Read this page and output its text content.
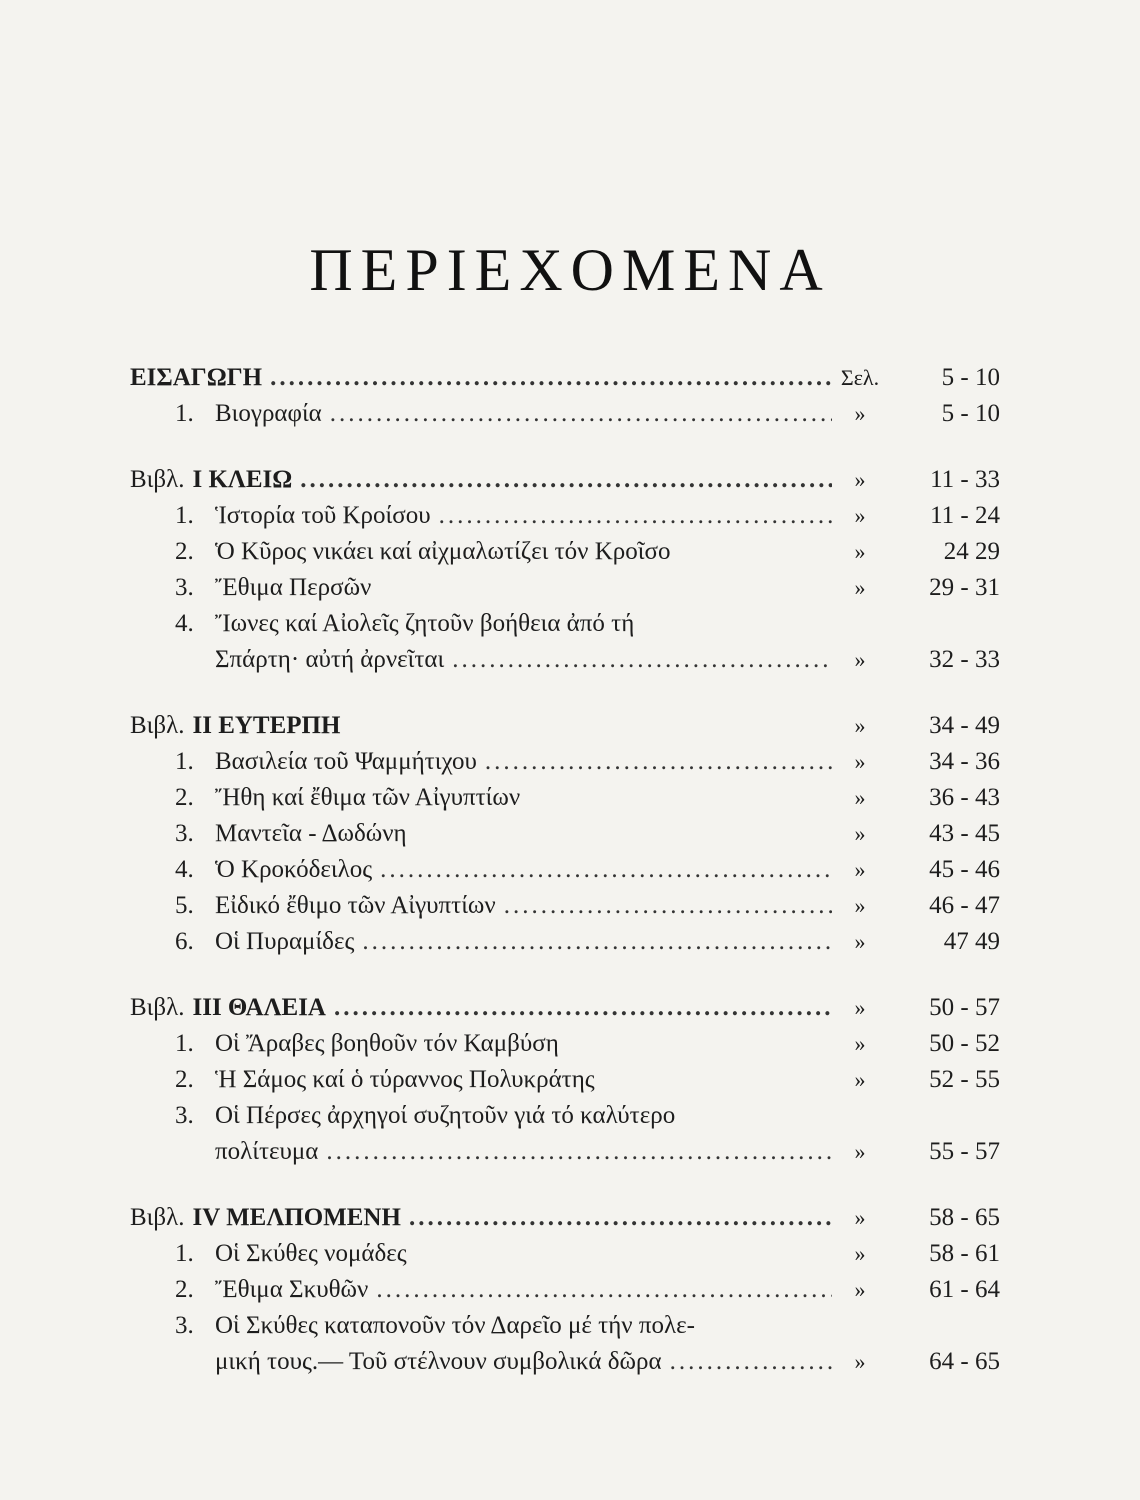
ΠΕΡΙΕΧΟΜΕΝΑ
ΕΙΣΑΓΩΓΗ .....	Σελ.	5 - 10
1. Βιογραφία .....	»	5 - 10
Βιβλ. I ΚΛΕΙΩ .....	»	11 - 33
1. Ἱστορία τοῦ Κροίσου .....	»	11 - 24
2. Ὁ Κῦρος νικάει καί αἰχμαλωτίζει τόν Κροῖσο	»	24 29
3. Ἔθιμα Περσῶν	»	29 - 31
4. Ἴωνες καί Αἰολεῖς ζητοῦν βοήθεια ἀπό τή
Σπάρτη· αὐτή ἀρνεῖται .....	»	32 - 33
Βιβλ. II ΕΥΤΕΡΠΗ	»	34 - 49
1. Βασιλεία τοῦ Ψαμμήτιχου .....	»	34 - 36
2. Ἤθη καί ἔθιμα τῶν Αἰγυπτίων	»	36 - 43
3. Μαντεῖα - Δωδώνη	»	43 - 45
4. Ὁ Κροκόδειλος .....	»	45 - 46
5. Εἰδικό ἔθιμο τῶν Αἰγυπτίων .....	»	46 - 47
6. Οἱ Πυραμίδες .....	»	47 49
Βιβλ. III ΘΑΛΕΙΑ .....	»	50 - 57
1. Οἱ Ἄραβες βοηθοῦν τόν Καμβύση	»	50 - 52
2. Ἡ Σάμος καί ὁ τύραννος Πολυκράτης	»	52 - 55
3. Οἱ Πέρσες ἀρχηγοί συζητοῦν γιά τό καλύτερο
πολίτευμα .....	»	55 - 57
Βιβλ. IV ΜΕΛΠΟΜΕΝΗ .....	»	58 - 65
1. Οἱ Σκύθες νομάδες	»	58 - 61
2. Ἔθιμα Σκυθῶν .....	»	61 - 64
3. Οἱ Σκύθες καταπονοῦν τόν Δαρεῖο μέ τήν πολε-
μική τους.— Τοῦ στέλνουν συμβολικά δῶρα .....	»	64 - 65
